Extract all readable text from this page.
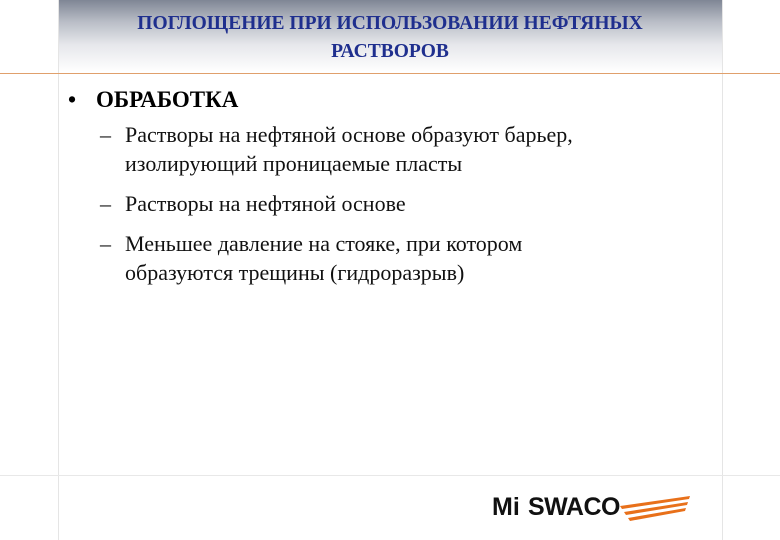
ПОГЛОЩЕНИЕ ПРИ ИСПОЛЬЗОВАНИИ НЕФТЯНЫХ
РАСТВОРОВ
• ОБРАБОТКА
– Растворы на нефтяной основе образуют барьер,
изолирующий проницаемые пласты
– Растворы на нефтяной основе
– Меньшее давление на стояке, при котором
образуются трещины (гидроразрыв)
Mi SWACO
